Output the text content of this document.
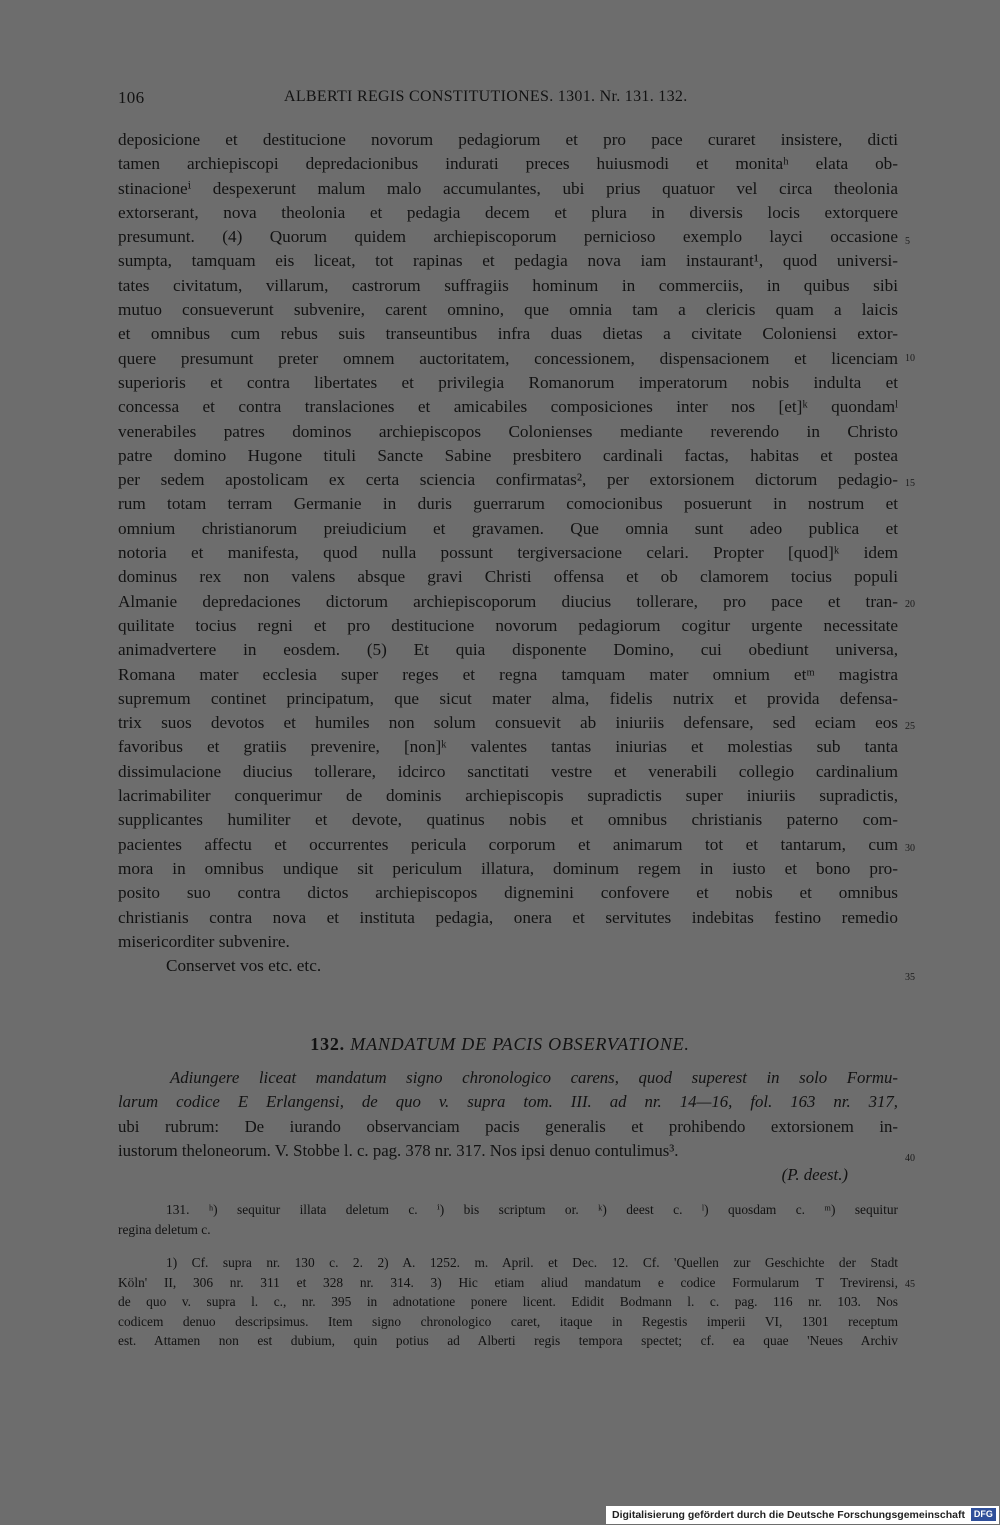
106	ALBERTI REGIS CONSTITUTIONES. 1301. Nr. 131. 132.
deposicione et destitucione novorum pedagiorum et pro pace curaret insistere, dicti
tamen archiepiscopi depredacionibus indurati preces huiusmodi et monitaʰ elata ob-
stinacioneⁱ despexerunt malum malo accumulantes, ubi prius quatuor vel circa theolonia
extorserant, nova theolonia et pedagia decem et plura in diversis locis extorquere
presumunt. (4) Quorum quidem archiepiscoporum pernicioso exemplo layci occasione
sumpta, tamquam eis liceat, tot rapinas et pedagia nova iam instaurant¹, quod universi-
tates civitatum, villarum, castrorum suffragiis hominum in commerciis, in quibus sibi
mutuo consueverunt subvenire, carent omnino, que omnia tam a clericis quam a laicis
et omnibus cum rebus suis transeuntibus infra duas dietas a civitate Coloniensi extor-
quere presumunt preter omnem auctoritatem, concessionem, dispensacionem et licenciam
superioris et contra libertates et privilegia Romanorum imperatorum nobis indulta et
concessa et contra translaciones et amicabiles composiciones inter nos [et]ᵏ quondamˡ
venerabiles patres dominos archiepiscopos Colonienses mediante reverendo in Christo
patre domino Hugone tituli Sancte Sabine presbitero cardinali factas, habitas et postea
per sedem apostolicam ex certa sciencia confirmatas², per extorsionem dictorum pedagio-
rum totam terram Germanie in duris guerrarum comocionibus posuerunt in nostrum et
omnium christianorum preiudicium et gravamen. Que omnia sunt adeo publica et
notoria et manifesta, quod nulla possunt tergiversacione celari. Propter [quod]ᵏ idem
dominus rex non valens absque gravi Christi offensa et ob clamorem tocius populi
Almanie depredaciones dictorum archiepiscoporum diucius tollerare, pro pace et tran-
quilitate tocius regni et pro destitucione novorum pedagiorum cogitur urgente necessitate
animadvertere in eosdem. (5) Et quia disponente Domino, cui obediunt universa,
Romana mater ecclesia super reges et regna tamquam mater omnium etᵐ magistra
supremum continet principatum, que sicut mater alma, fidelis nutrix et provida defensa-
trix suos devotos et humiles non solum consuevit ab iniuriis defensare, sed eciam eos
favoribus et gratiis prevenire, [non]ᵏ valentes tantas iniurias et molestias sub tanta
dissimulacione diucius tollerare, idcirco sanctitati vestre et venerabili collegio cardinalium
lacrimabiliter conquerimur de dominis archiepiscopis supradictis super iniuriis supradictis,
supplicantes humiliter et devote, quatinus nobis et omnibus christianis paterno com-
pacientes affectu et occurrentes pericula corporum et animarum tot et tantarum, cum
mora in omnibus undique sit periculum illatura, dominum regem in iusto et bono pro-
posito suo contra dictos archiepiscopos dignemini confovere et nobis et omnibus
christianis contra nova et instituta pedagia, onera et servitutes indebitas festino remedio
misericorditer subvenire.
Conservet vos etc. etc.
5
10
15
20
25
30
35
40
45
132. MANDATUM DE PACIS OBSERVATIONE.
Adiungere liceat mandatum signo chronologico carens, quod superest in solo Formu-
larum codice E Erlangensi, de quo v. supra tom. III. ad nr. 14—16, fol. 163 nr. 317,
ubi rubrum: De iurando observanciam pacis generalis et prohibendo extorsionem in-
iustorum theloneorum. V. Stobbe l. c. pag. 378 nr. 317. Nos ipsi denuo contulimus³.
(P. deest.)
131. ʰ) sequitur illata deletum c. ⁱ) bis scriptum or. ᵏ) deest c. ˡ) quosdam c. ᵐ) sequitur
regina deletum c.
1) Cf. supra nr. 130 c. 2. 2) A. 1252. m. April. et Dec. 12. Cf. 'Quellen zur Geschichte der Stadt
Köln' II, 306 nr. 311 et 328 nr. 314. 3) Hic etiam aliud mandatum e codice Formularum T Trevirensi,
de quo v. supra l. c., nr. 395 in adnotatione ponere licent. Edidit Bodmann l. c. pag. 116 nr. 103. Nos
codicem denuo descripsimus. Item signo chronologico caret, itaque in Regestis imperii VI, 1301 receptum
est. Attamen non est dubium, quin potius ad Alberti regis tempora spectet; cf. ea quae 'Neues Archiv
Digitalisierung gefördert durch die Deutsche Forschungsgemeinschaft DFG
